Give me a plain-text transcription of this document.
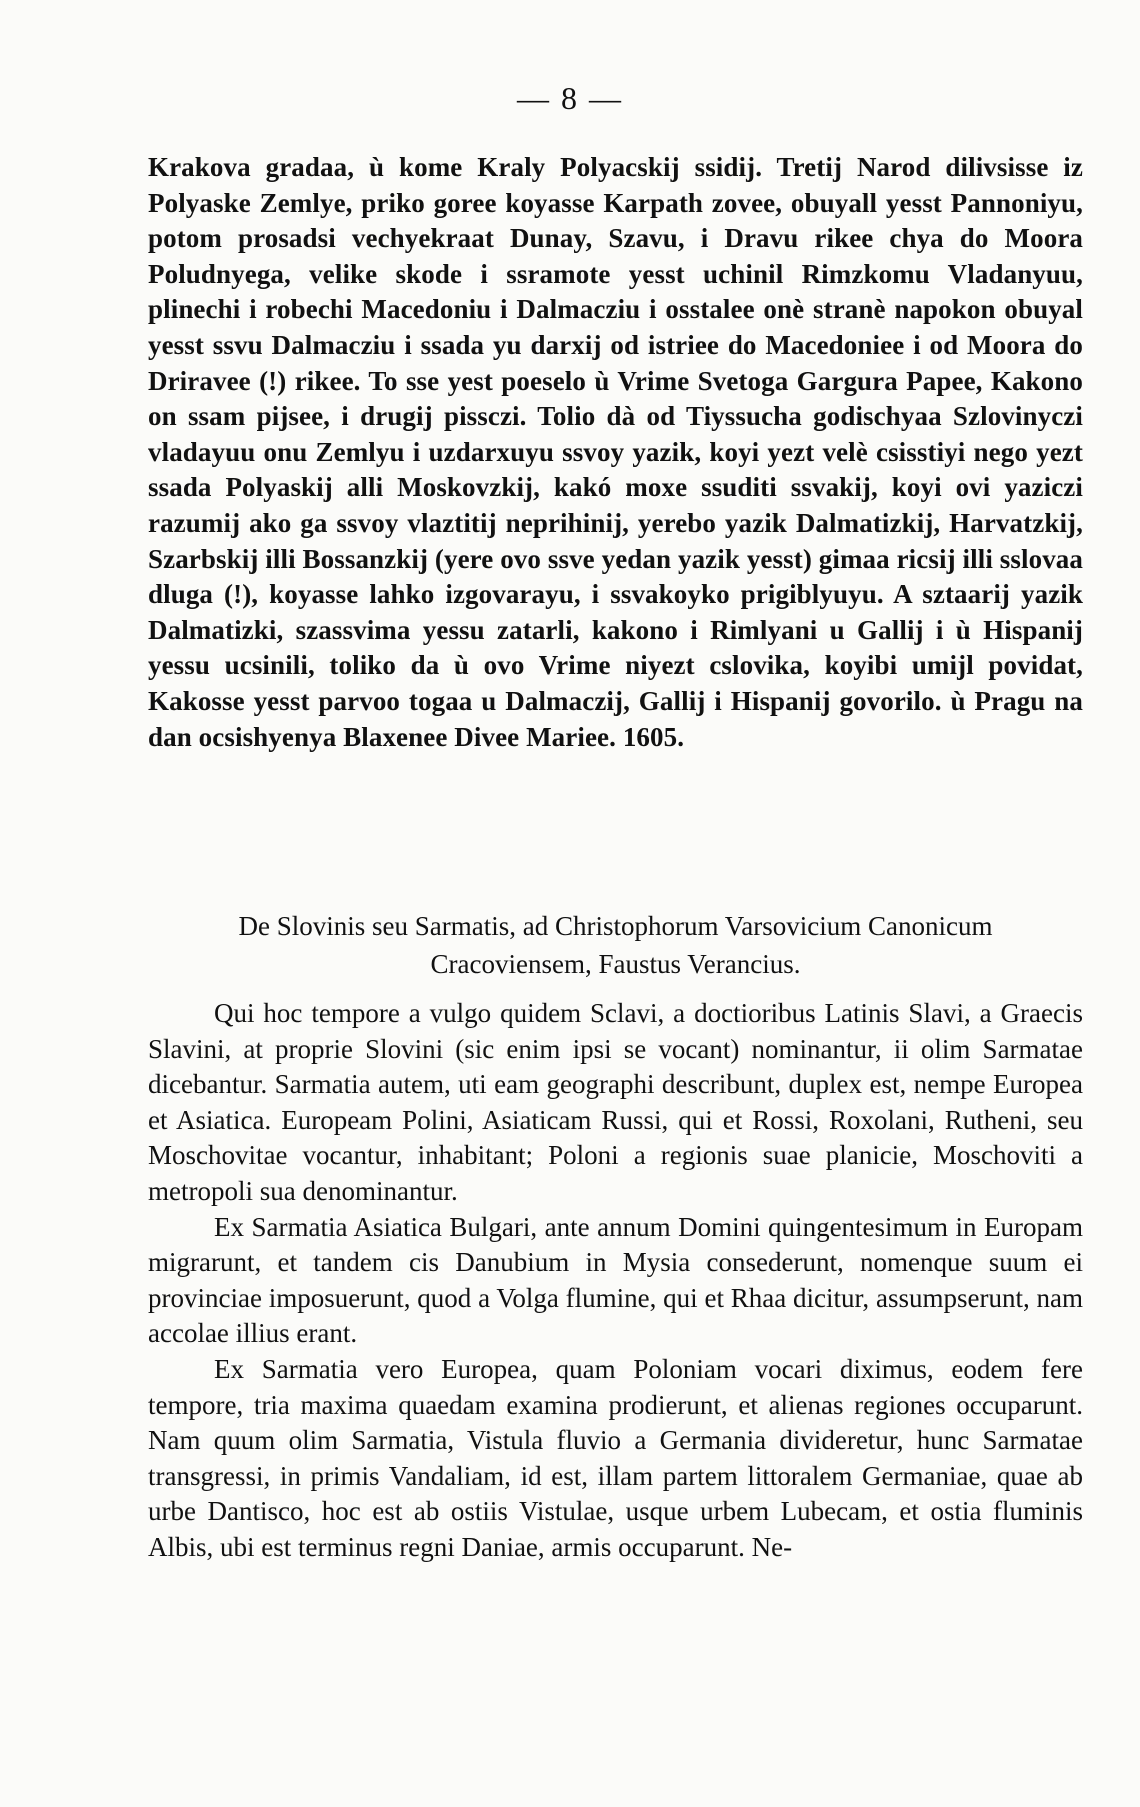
— 8 —

Krakova gradaa, ù kome Kraly Polyacskij ssidij. Tretij Narod dilivsisse iz Polyaske Zemlye, priko goree koyasse Karpath zovee, obuyall yesst Pannoniyu, potom prosadsi vechyekraat Dunay, Szavu, i Dravu rikee chya do Moora Poludnyega, velike skode i ssramote yesst uchinil Rimzkomu Vladanyuu, plinechi i robechi Macedoniu i Dalmacziu i osstalee onè stranè napokon obuyal yesst ssvu Dalmacziu i ssada yu darxij od istriee do Macedoniee i od Moora do Driravee (!) rikee. To sse yest poeselo ù Vrime Svetoga Gargura Papee, Kakono on ssam pijsee, i drugij pissczi. Tolio dà od Tiyssucha godischyaa Szlovinyczi vladayuu onu Zemlyu i uzdarxuyu ssvoy yazik, koyi yezt velè csisstiyi nego yezt ssada Polyaskij alli Moskovzkij, kakó moxe ssuditi ssvakij, koyi ovi yaziczi razumij ako ga ssvoy vlaztitij neprihinij, yerebo yazik Dalmatizkij, Harvatzkij, Szarbskij illi Bossanzkij (yere ovo ssve yedan yazik yesst) gimaa ricsij illi sslovaa dluga (!), koyasse lahko izgovarayu, i ssvakoyko prigiblyuyu. A sztaarij yazik Dalmatizki, szassvima yessu zatarli, kakono i Rimlyani u Gallij i ù Hispanij yessu ucsinili, toliko da ù ovo Vrime niyezt cslovika, koyibi umijl povidat, Kakosse yesst parvoo togaa u Dalmaczij, Gallij i Hispanij govorilo. ù Pragu na dan ocsishyenya Blaxenee Divee Mariee. 1605.

De Slovinis seu Sarmatis, ad Christophorum Varsovicium Canonicum
Cracoviensem, Faustus Verancius.

Qui hoc tempore a vulgo quidem Sclavi, a doctioribus Latinis Slavi, a Graecis Slavini, at proprie Slovini (sic enim ipsi se vocant) nominantur, ii olim Sarmatae dicebantur. Sarmatia autem, uti eam geographi describunt, duplex est, nempe Europea et Asiatica. Europeam Polini, Asiaticam Russi, qui et Rossi, Roxolani, Rutheni, seu Moschovitae vocantur, inhabitant; Poloni a regionis suae planicie, Moschoviti a metropoli sua denominantur.

Ex Sarmatia Asiatica Bulgari, ante annum Domini quingentesimum in Europam migrarunt, et tandem cis Danubium in Mysia consederunt, nomenque suum ei provinciae imposuerunt, quod a Volga flumine, qui et Rhaa dicitur, assumpserunt, nam accolae illius erant.

Ex Sarmatia vero Europea, quam Poloniam vocari diximus, eodem fere tempore, tria maxima quaedam examina prodierunt, et alienas regiones occuparunt. Nam quum olim Sarmatia, Vistula fluvio a Germania divideretur, hunc Sarmatae transgressi, in primis Vandaliam, id est, illam partem littoralem Germaniae, quae ab urbe Dantisco, hoc est ab ostiis Vistulae, usque urbem Lubecam, et ostia fluminis Albis, ubi est terminus regni Daniae, armis occuparunt. Ne-
